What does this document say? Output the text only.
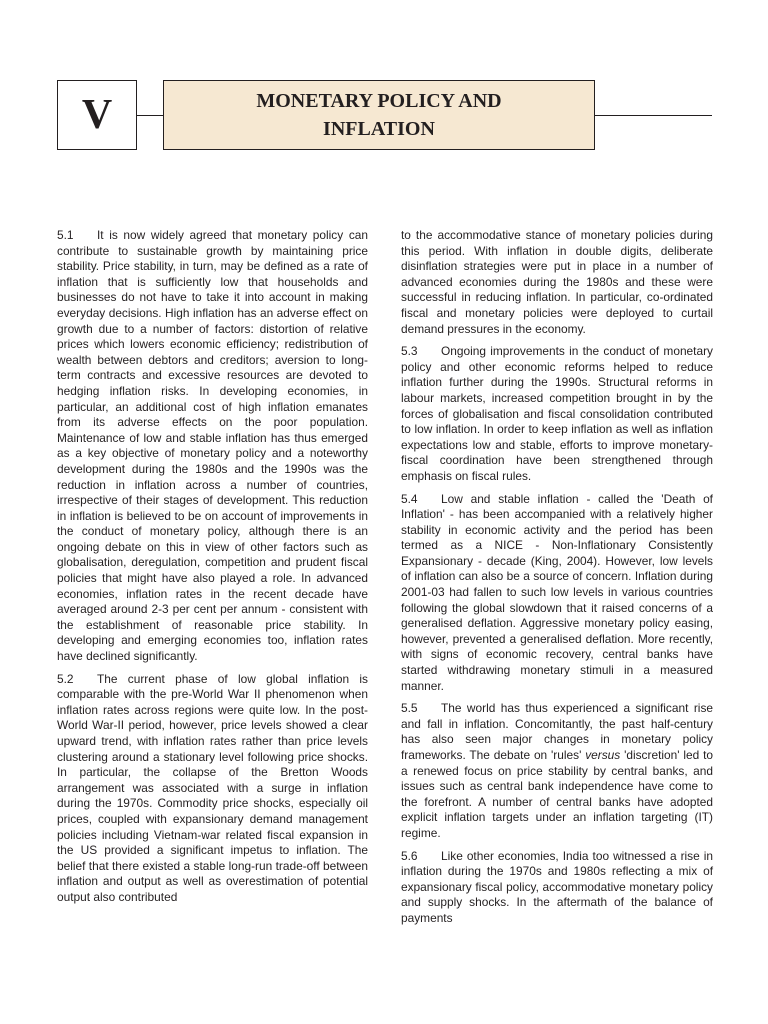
V	MONETARY POLICY AND
INFLATION

5.1 It is now widely agreed that monetary policy can contribute to sustainable growth by maintaining price stability. Price stability, in turn, may be defined as a rate of inflation that is sufficiently low that households and businesses do not have to take it into account in making everyday decisions. High inflation has an adverse effect on growth due to a number of factors: distortion of relative prices which lowers economic efficiency; redistribution of wealth between debtors and creditors; aversion to long-term contracts and excessive resources are devoted to hedging inflation risks. In developing economies, in particular, an additional cost of high inflation emanates from its adverse effects on the poor population. Maintenance of low and stable inflation has thus emerged as a key objective of monetary policy and a noteworthy development during the 1980s and the 1990s was the reduction in inflation across a number of countries, irrespective of their stages of development. This reduction in inflation is believed to be on account of improvements in the conduct of monetary policy, although there is an ongoing debate on this in view of other factors such as globalisation, deregulation, competition and prudent fiscal policies that might have also played a role. In advanced economies, inflation rates in the recent decade have averaged around 2-3 per cent per annum - consistent with the establishment of reasonable price stability. In developing and emerging economies too, inflation rates have declined significantly.

5.2 The current phase of low global inflation is comparable with the pre-World War II phenomenon when inflation rates across regions were quite low. In the post-World War-II period, however, price levels showed a clear upward trend, with inflation rates rather than price levels clustering around a stationary level following price shocks. In particular, the collapse of the Bretton Woods arrangement was associated with a surge in inflation during the 1970s. Commodity price shocks, especially oil prices, coupled with expansionary demand management policies including Vietnam-war related fiscal expansion in the US provided a significant impetus to inflation. The belief that there existed a stable long-run trade-off between inflation and output as well as overestimation of potential output also contributed

to the accommodative stance of monetary policies during this period. With inflation in double digits, deliberate disinflation strategies were put in place in a number of advanced economies during the 1980s and these were successful in reducing inflation. In particular, co-ordinated fiscal and monetary policies were deployed to curtail demand pressures in the economy.

5.3 Ongoing improvements in the conduct of monetary policy and other economic reforms helped to reduce inflation further during the 1990s. Structural reforms in labour markets, increased competition brought in by the forces of globalisation and fiscal consolidation contributed to low inflation. In order to keep inflation as well as inflation expectations low and stable, efforts to improve monetary-fiscal coordination have been strengthened through emphasis on fiscal rules.

5.4 Low and stable inflation - called the 'Death of Inflation' - has been accompanied with a relatively higher stability in economic activity and the period has been termed as a NICE - Non-Inflationary Consistently Expansionary - decade (King, 2004). However, low levels of inflation can also be a source of concern. Inflation during 2001-03 had fallen to such low levels in various countries following the global slowdown that it raised concerns of a generalised deflation. Aggressive monetary policy easing, however, prevented a generalised deflation. More recently, with signs of economic recovery, central banks have started withdrawing monetary stimuli in a measured manner.

5.5 The world has thus experienced a significant rise and fall in inflation. Concomitantly, the past half-century has also seen major changes in monetary policy frameworks. The debate on 'rules' versus 'discretion' led to a renewed focus on price stability by central banks, and issues such as central bank independence have come to the forefront. A number of central banks have adopted explicit inflation targets under an inflation targeting (IT) regime.

5.6 Like other economies, India too witnessed a rise in inflation during the 1970s and 1980s reflecting a mix of expansionary fiscal policy, accommodative monetary policy and supply shocks. In the aftermath of the balance of payments
